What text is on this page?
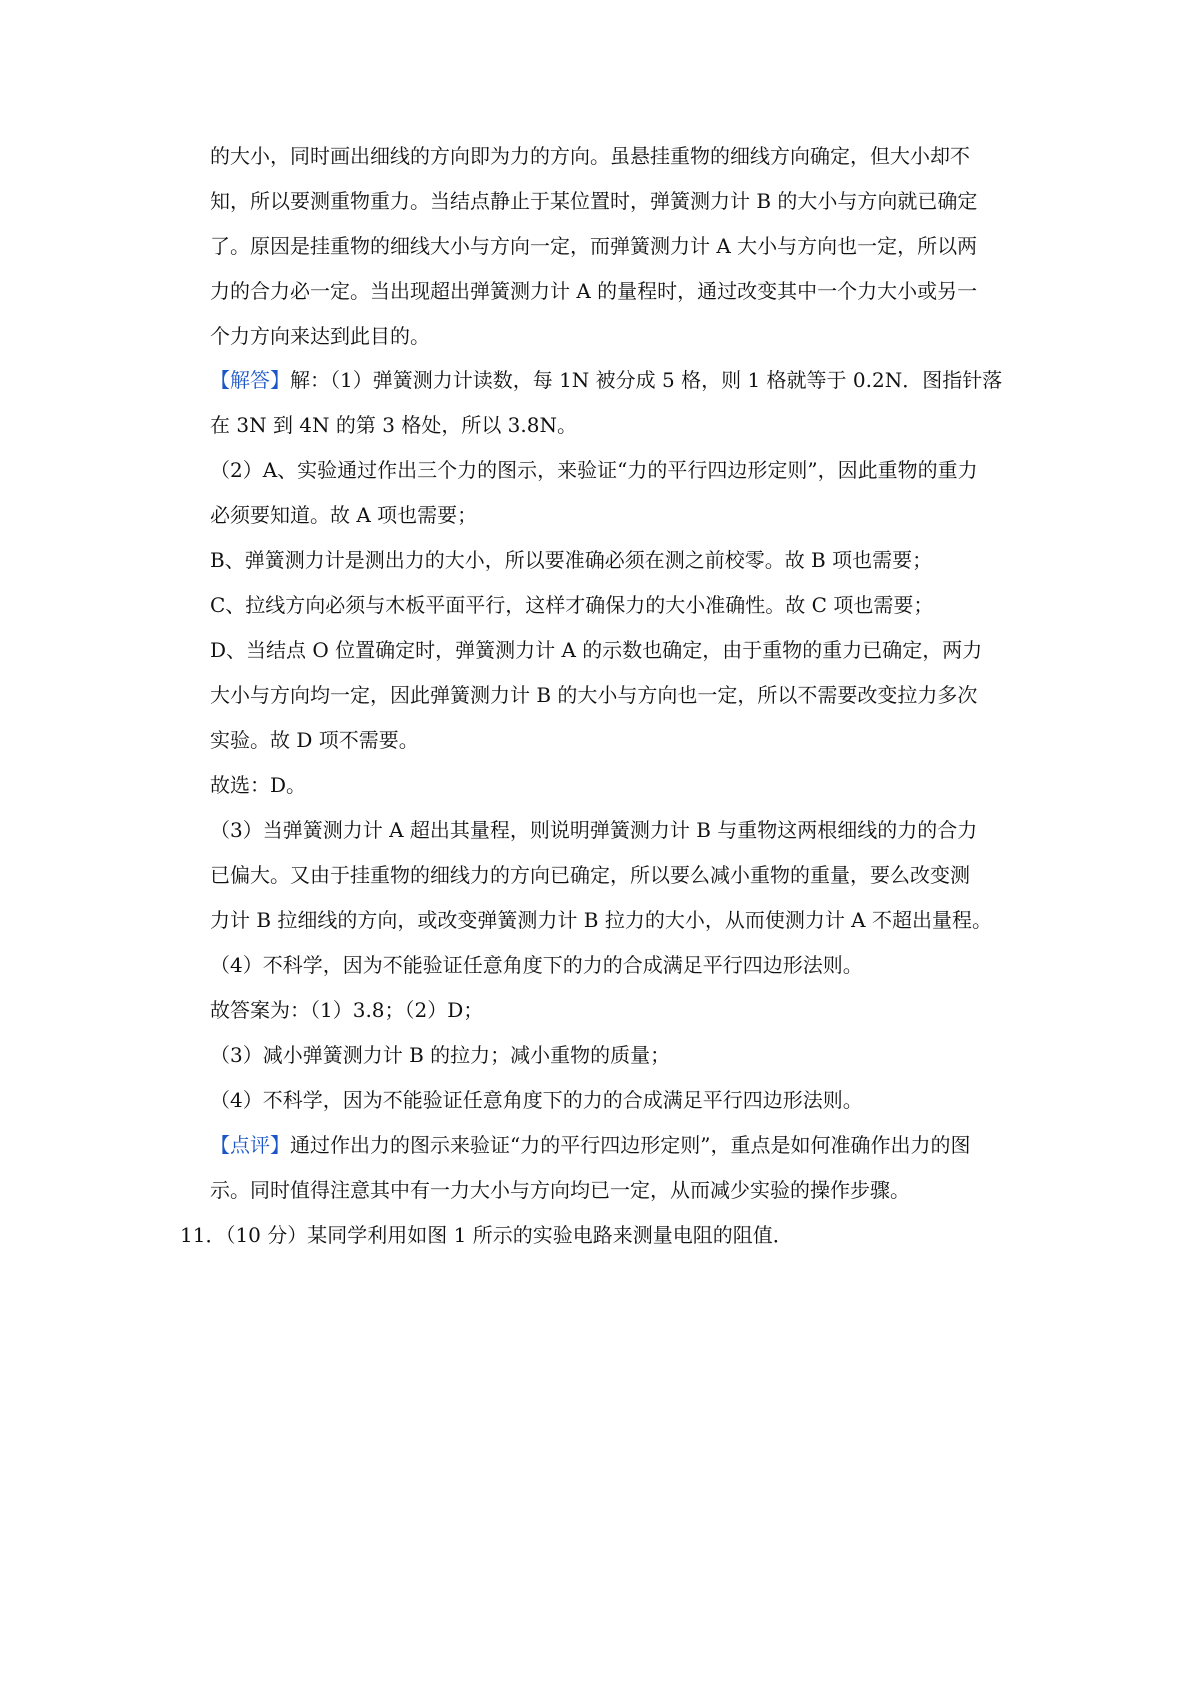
的大小，同时画出细线的方向即为力的方向。虽悬挂重物的细线方向确定，但大小却不
知，所以要测重物重力。当结点静止于某位置时，弹簧测力计 B 的大小与方向就已确定
了。原因是挂重物的细线大小与方向一定，而弹簧测力计 A 大小与方向也一定，所以两
力的合力必一定。当出现超出弹簧测力计 A 的量程时，通过改变其中一个力大小或另一
个力方向来达到此目的。
【解答】解：（1）弹簧测力计读数，每 1N 被分成 5 格，则 1 格就等于 0.2N．图指针落
在 3N 到 4N 的第 3 格处，所以 3.8N。
（2）A、实验通过作出三个力的图示，来验证“力的平行四边形定则”，因此重物的重力
必须要知道。故 A 项也需要；
B、弹簧测力计是测出力的大小，所以要准确必须在测之前校零。故 B 项也需要；
C、拉线方向必须与木板平面平行，这样才确保力的大小准确性。故 C 项也需要；
D、当结点 O 位置确定时，弹簧测力计 A 的示数也确定，由于重物的重力已确定，两力
大小与方向均一定，因此弹簧测力计 B 的大小与方向也一定，所以不需要改变拉力多次
实验。故 D 项不需要。
故选：D。
（3）当弹簧测力计 A 超出其量程，则说明弹簧测力计 B 与重物这两根细线的力的合力
已偏大。又由于挂重物的细线力的方向已确定，所以要么减小重物的重量，要么改变测
力计 B 拉细线的方向，或改变弹簧测力计 B 拉力的大小，从而使测力计 A 不超出量程。
（4）不科学，因为不能验证任意角度下的力的合成满足平行四边形法则。
故答案为：（1）3.8；（2）D；
（3）减小弹簧测力计 B 的拉力；减小重物的质量；
（4）不科学，因为不能验证任意角度下的力的合成满足平行四边形法则。
【点评】通过作出力的图示来验证“力的平行四边形定则”，重点是如何准确作出力的图
示。同时值得注意其中有一力大小与方向均已一定，从而减少实验的操作步骤。
11．（10 分）某同学利用如图 1 所示的实验电路来测量电阻的阻值．
